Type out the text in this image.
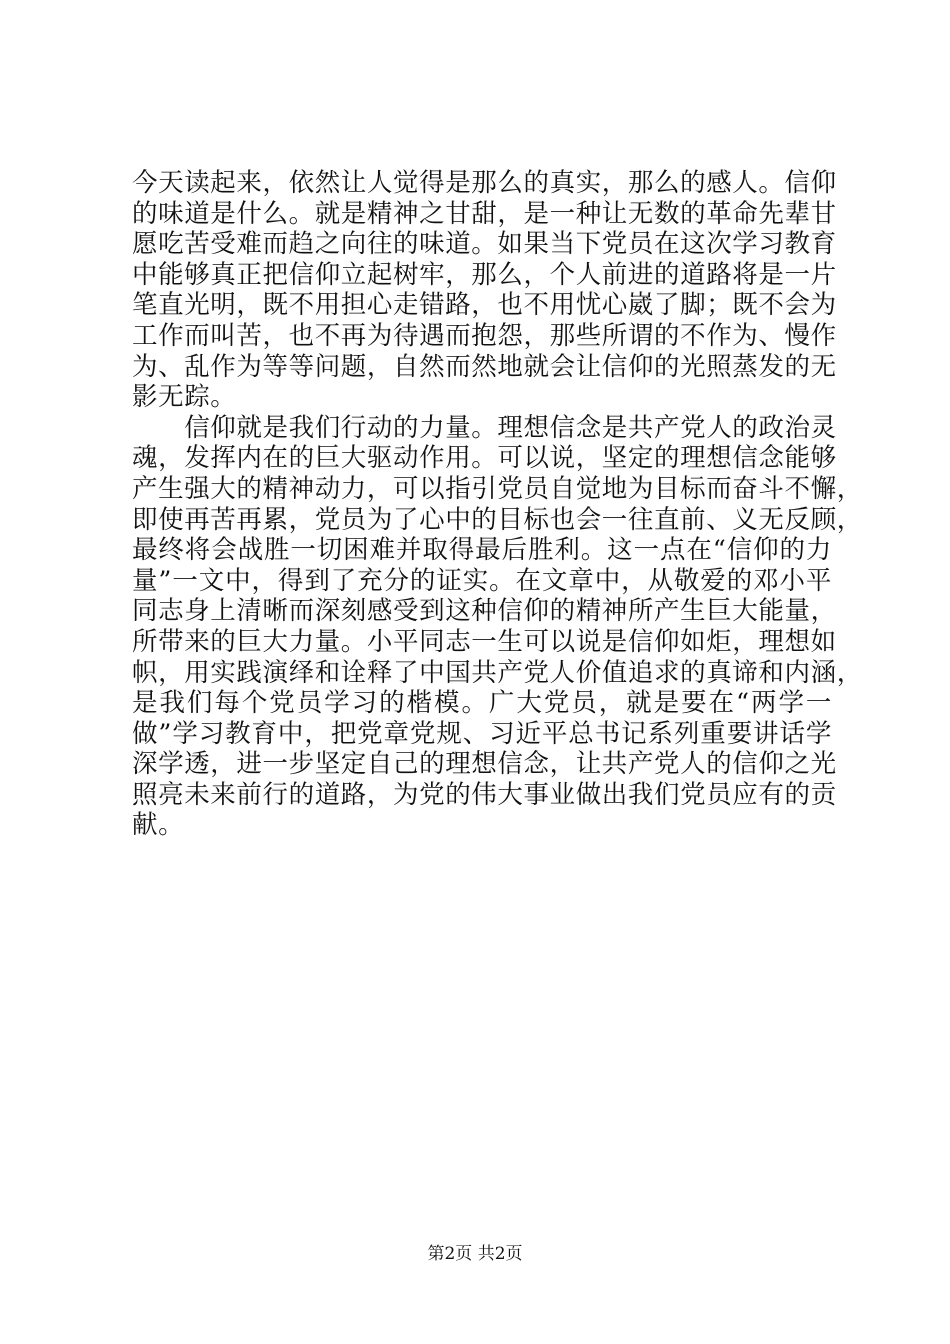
今天读起来，依然让人觉得是那么的真实，那么的感人。信仰
的味道是什么。就是精神之甘甜，是一种让无数的革命先辈甘
愿吃苦受难而趋之向往的味道。如果当下党员在这次学习教育
中能够真正把信仰立起树牢，那么，个人前进的道路将是一片
笔直光明，既不用担心走错路，也不用忧心崴了脚；既不会为
工作而叫苦，也不再为待遇而抱怨，那些所谓的不作为、慢作
为、乱作为等等问题，自然而然地就会让信仰的光照蒸发的无
影无踪。
　　信仰就是我们行动的力量。理想信念是共产党人的政治灵
魂，发挥内在的巨大驱动作用。可以说，坚定的理想信念能够
产生强大的精神动力，可以指引党员自觉地为目标而奋斗不懈，
即使再苦再累，党员为了心中的目标也会一往直前、义无反顾，
最终将会战胜一切困难并取得最后胜利。这一点在“信仰的力
量”一文中，得到了充分的证实。在文章中，从敬爱的邓小平
同志身上清晰而深刻感受到这种信仰的精神所产生巨大能量，
所带来的巨大力量。小平同志一生可以说是信仰如炬，理想如
帜，用实践演绎和诠释了中国共产党人价值追求的真谛和内涵，
是我们每个党员学习的楷模。广大党员，就是要在“两学一
做”学习教育中，把党章党规、习近平总书记系列重要讲话学
深学透，进一步坚定自己的理想信念，让共产党人的信仰之光
照亮未来前行的道路，为党的伟大事业做出我们党员应有的贡
献。
第2页 共2页
